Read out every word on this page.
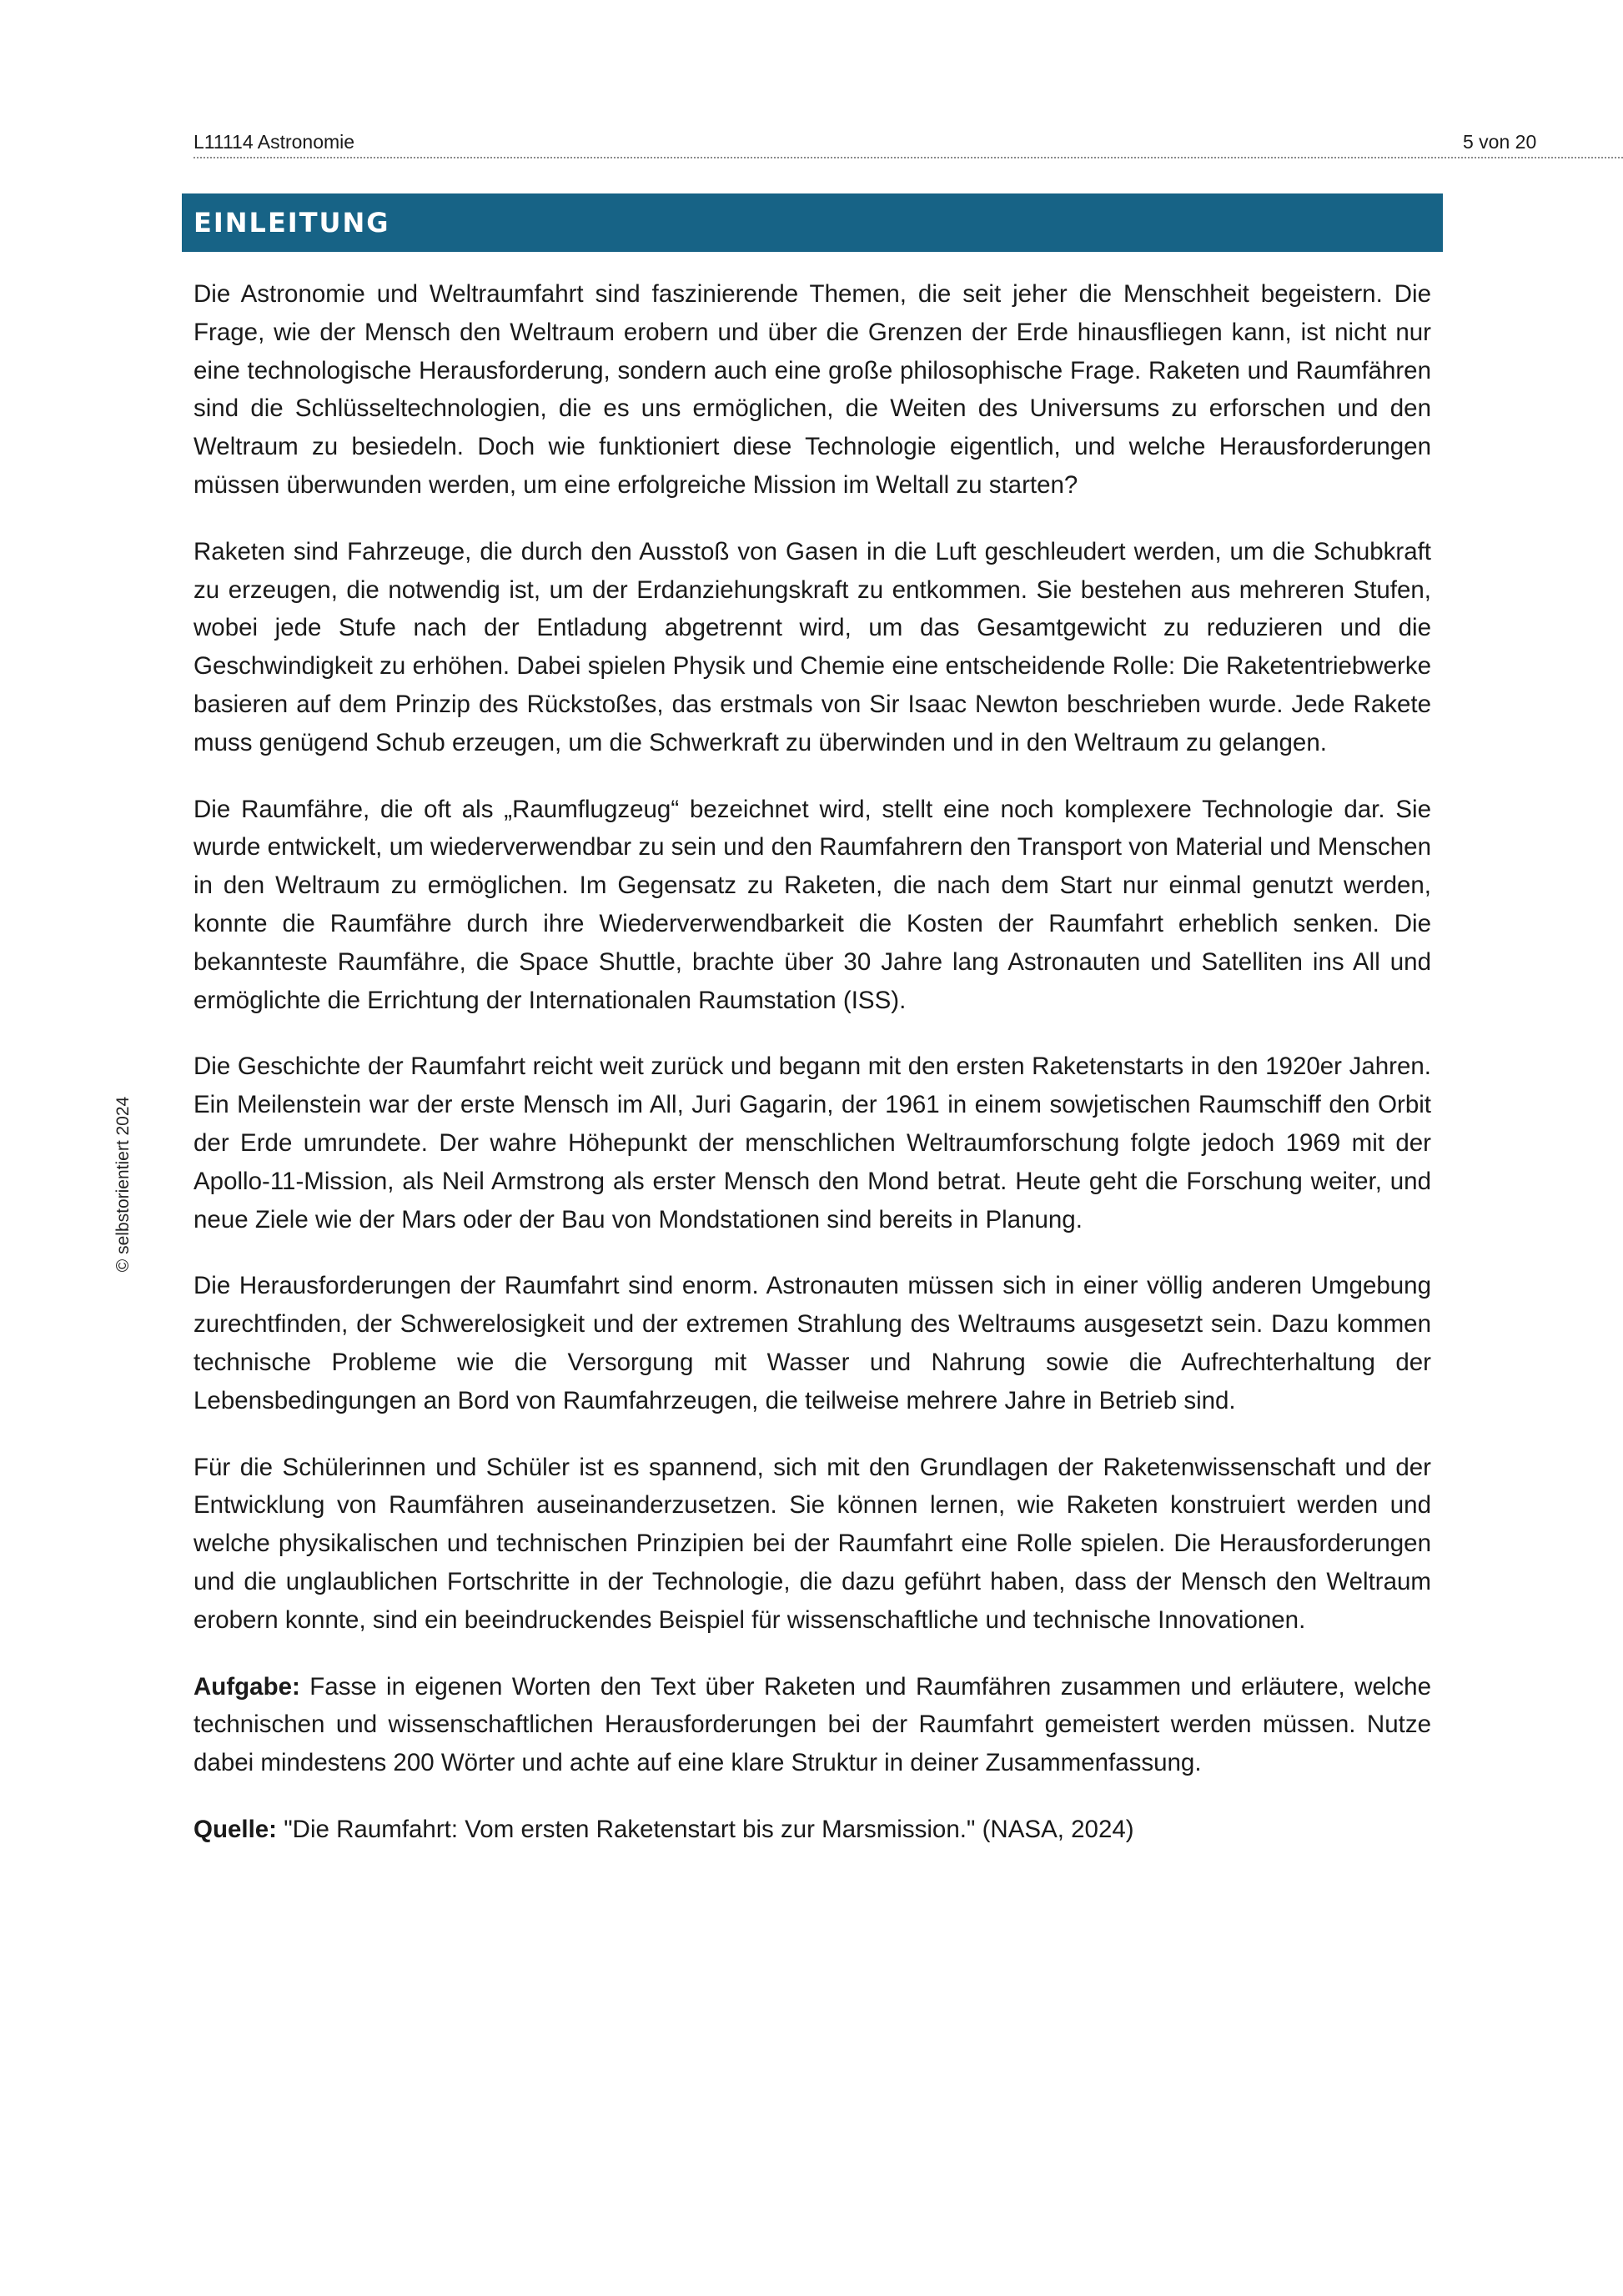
L11114 Astronomie	5 von 20
EINLEITUNG
© selbstorientiert 2024

Die Astronomie und Weltraumfahrt sind faszinierende Themen, die seit jeher die Menschheit begeistern. Die Frage, wie der Mensch den Weltraum erobern und über die Grenzen der Erde hinausfliegen kann, ist nicht nur eine technologische Herausforderung, sondern auch eine große philosophische Frage. Raketen und Raumfähren sind die Schlüsseltechnologien, die es uns ermöglichen, die Weiten des Universums zu erforschen und den Weltraum zu besiedeln. Doch wie funktioniert diese Technologie eigentlich, und welche Herausforderungen müssen überwunden werden, um eine erfolgreiche Mission im Weltall zu starten?

Raketen sind Fahrzeuge, die durch den Ausstoß von Gasen in die Luft geschleudert werden, um die Schubkraft zu erzeugen, die notwendig ist, um der Erdanziehungskraft zu entkommen. Sie bestehen aus mehreren Stufen, wobei jede Stufe nach der Entladung abgetrennt wird, um das Gesamtgewicht zu reduzieren und die Geschwindigkeit zu erhöhen. Dabei spielen Physik und Chemie eine entscheidende Rolle: Die Raketentriebwerke basieren auf dem Prinzip des Rückstoßes, das erstmals von Sir Isaac Newton beschrieben wurde. Jede Rakete muss genügend Schub erzeugen, um die Schwerkraft zu überwinden und in den Weltraum zu gelangen.

Die Raumfähre, die oft als „Raumflugzeug“ bezeichnet wird, stellt eine noch komplexere Technologie dar. Sie wurde entwickelt, um wiederverwendbar zu sein und den Raumfahrern den Transport von Material und Menschen in den Weltraum zu ermöglichen. Im Gegensatz zu Raketen, die nach dem Start nur einmal genutzt werden, konnte die Raumfähre durch ihre Wiederverwendbarkeit die Kosten der Raumfahrt erheblich senken. Die bekannteste Raumfähre, die Space Shuttle, brachte über 30 Jahre lang Astronauten und Satelliten ins All und ermöglichte die Errichtung der Internationalen Raumstation (ISS).

Die Geschichte der Raumfahrt reicht weit zurück und begann mit den ersten Raketenstarts in den 1920er Jahren. Ein Meilenstein war der erste Mensch im All, Juri Gagarin, der 1961 in einem sowjetischen Raumschiff den Orbit der Erde umrundete. Der wahre Höhepunkt der menschlichen Weltraumforschung folgte jedoch 1969 mit der Apollo-11-Mission, als Neil Armstrong als erster Mensch den Mond betrat. Heute geht die Forschung weiter, und neue Ziele wie der Mars oder der Bau von Mondstationen sind bereits in Planung.

Die Herausforderungen der Raumfahrt sind enorm. Astronauten müssen sich in einer völlig anderen Umgebung zurechtfinden, der Schwerelosigkeit und der extremen Strahlung des Weltraums ausgesetzt sein. Dazu kommen technische Probleme wie die Versorgung mit Wasser und Nahrung sowie die Aufrechterhaltung der Lebensbedingungen an Bord von Raumfahrzeugen, die teilweise mehrere Jahre in Betrieb sind.

Für die Schülerinnen und Schüler ist es spannend, sich mit den Grundlagen der Raketenwissenschaft und der Entwicklung von Raumfähren auseinanderzusetzen. Sie können lernen, wie Raketen konstruiert werden und welche physikalischen und technischen Prinzipien bei der Raumfahrt eine Rolle spielen. Die Herausforderungen und die unglaublichen Fortschritte in der Technologie, die dazu geführt haben, dass der Mensch den Weltraum erobern konnte, sind ein beeindruckendes Beispiel für wissenschaftliche und technische Innovationen.

Aufgabe: Fasse in eigenen Worten den Text über Raketen und Raumfähren zusammen und erläutere, welche technischen und wissenschaftlichen Herausforderungen bei der Raumfahrt gemeistert werden müssen. Nutze dabei mindestens 200 Wörter und achte auf eine klare Struktur in deiner Zusammenfassung.

Quelle: "Die Raumfahrt: Vom ersten Raketenstart bis zur Marsmission." (NASA, 2024)
